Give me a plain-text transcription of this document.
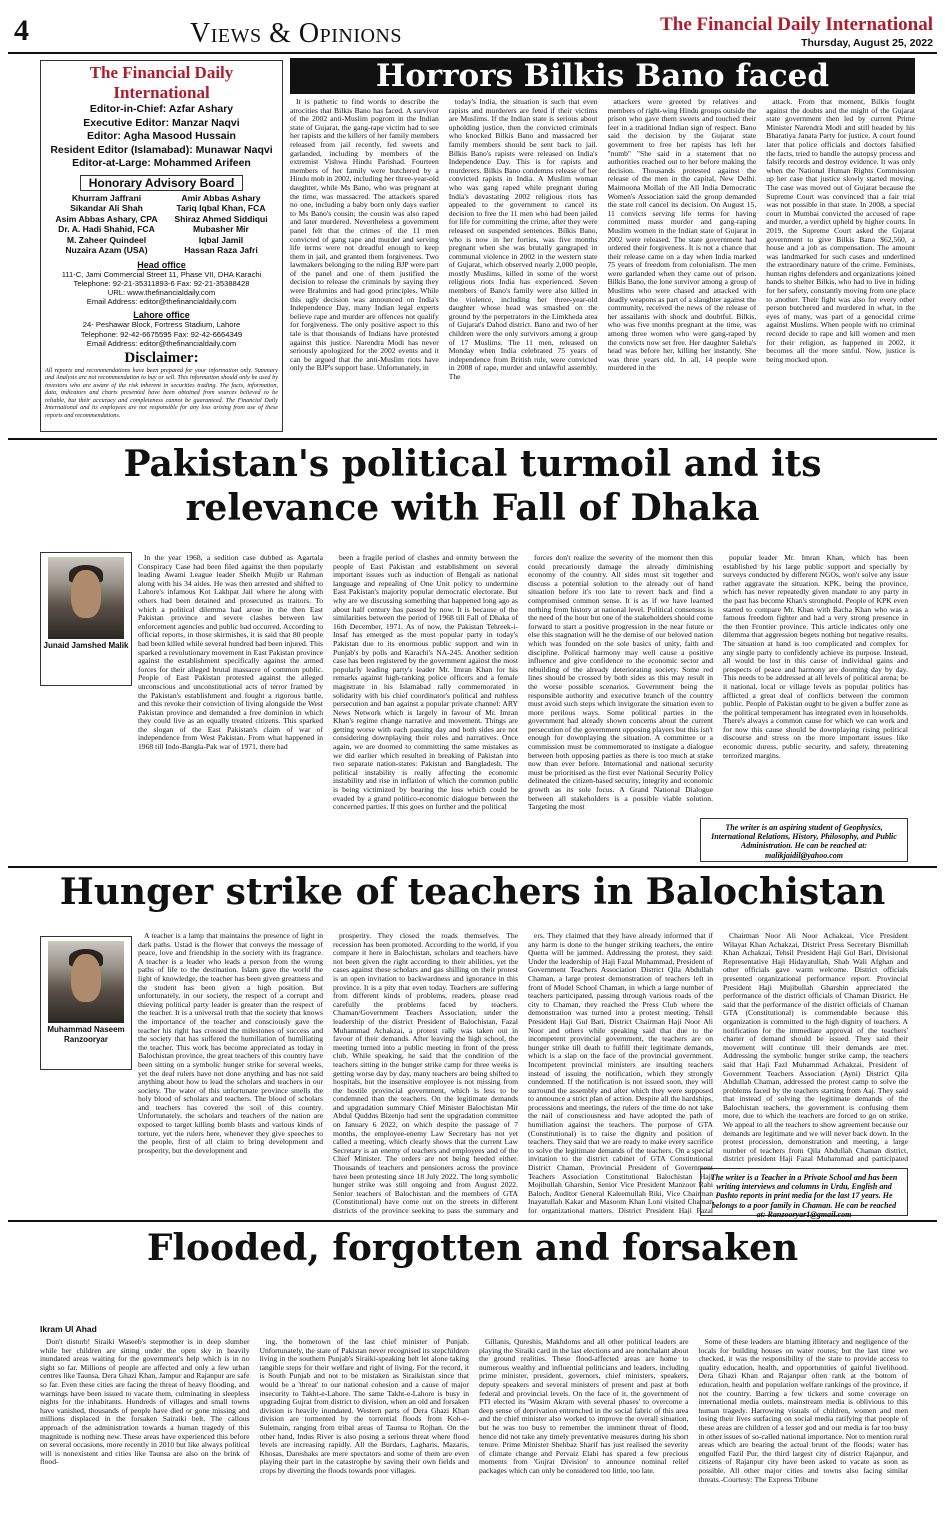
4	Views & Opinions	The Financial Daily International
Thursday, August 25, 2022
The Financial Daily International
Editor-in-Chief: Azfar Ashary
Executive Editor: Manzar Naqvi
Editor: Agha Masood Hussain
Resident Editor (Islamabad): Munawar Naqvi
Editor-at-Large: Mohammed Arifeen
Honorary Advisory Board
Khurram Jaffrani
Sikandar Ali Shah
Asim Abbas Ashary, CPA
Dr. A. Hadi Shahid, FCA
M. Zaheer Quindeel
Nuzaira Azam (USA)
Amir Abbas Ashary
Tariq Iqbal Khan, FCA
Shiraz Ahmed Siddiqui
Mubasher Mir
Iqbal Jamil
Hassan Raza Jafri
Head office
111-C, Jami Commercial Street 11, Phase VII, DHA Karachi
Telephone: 92-21-35311893-6 Fax: 92-21-35388428
URL: www.thefinancialdaily.com
Email Address: editor@thefinancialdaily.com
Lahore office
24- Peshawar Block, Fortress Stadium, Lahore
Telephone: 92-42-6675595 Fax: 92-42-6664349
Email Address: editor@thefinancialdaily.com
Disclaimer:
All reports and recommendations have been prepared for your information only. Summary and Analysis are not recommendation to buy or sell. This information should only be used by investors who are aware of the risk inherent in securities trading. The facts, information, data, indicators and charts presented have been obtained from sources believed to be reliable, but their accuracy and completeness cannot be guaranteed. The Financial Daily International and its employees are not responsible for any loss arising from use of these reports and recommendations.
Horrors Bilkis Bano faced

It is pathetic to find words to describe the atrocities that Bilkis Bano has faced. A survivor of the 2002 anti-Muslim pogrom in the Indian state of Gujarat, the gang-rape victim had to see her rapists and the killers of her family members released from jail recently, fed sweets and garlanded, including by members of the extremist Vishwa Hindu Parishad. Fourteen members of her family were butchered by a Hindu mob in 2002, including her three-year-old daughter, while Ms Bano, who was pregnant at the time, was massacred. The attackers spared no one, including a baby born only days earlier to Ms Bano's cousin; the cousin was also raped and later murdered. Nevertheless a government panel felt that the crimes of the 11 men convicted of gang rape and murder and serving life terms were not dreadful enough to keep them in jail, and granted them forgiveness. Two lawmakers belonging to the ruling BJP were part of the panel and one of them justified the decision to release the criminals by saying they were Brahmins and had good principles. While this ugly decision was announced on India's Independence Day, many Indian legal experts believe rape and murder are offences not qualify for forgiveness. The only positive aspect to this tale is that thousands of Indians have protested against this justice. Narendra Modi has never seriously apologized for the 2002 events and it can be argued that the anti-Muslim riots have only the BJP's support base. Unfortunately, in

today's India, the situation is such that even rapists and murderers are feted if their victims are Muslims. If the Indian state is serious about upholding justice, then the convicted criminals who knocked Bilkis Bano and massacred her family members should be sent back to jail. Bilkis Bano's rapists were released on India's Independence Day. This is for rapists and murderers. Bilkis Bano condemns release of her convicted rapists in India. A Muslim woman who was gang raped while pregnant during India's devastating 2002 religious riots has appealed to the government to cancel its decision to free the 11 men who had been jailed for life for committing the crime, after they were released on suspended sentences. Bilkis Bano, who is now in her forties, was five months pregnant when she was brutally gangraped in communal violence in 2002 in the western state of Gujarat, which observed nearly 2,000 people, mostly Muslims, killed in some of the worst religious riots India has experienced. Seven members of Bano's family were also killed in the violence, including her three-year-old daughter whose head was smashed on the ground by the perpetrators in the Limkheda area of Gujarat's Dahod district. Bano and two of her children were the only survivors among a group of 17 Muslims. The 11 men, released on Monday when India celebrated 75 years of independence from British rule, were convicted in 2008 of rape, murder and unlawful assembly. The

attackers were greeted by relatives and members of right-wing Hindu groups outside the prison who gave them sweets and touched their feet in a traditional Indian sign of respect. Bano said the decision by the Gujarat state government to free her rapists has left her "numb" "She said in a statement that no authorities reached out to her before making the decision. Thousands protested against the release of the men in the capital, New Delhi. Maimoona Mollah of the All India Democratic Women's Association said the group demanded the state roll cancel its decision. On August 15, 11 convicts serving life terms for having committed mass murder and gang-raping Muslim women in the Indian state of Gujarat in 2002 were released. The state government had ordered their forgiveness. It is not a chance that their release came on a day when India marked 75 years of freedom from colonialism. The men were garlanded when they came out of prison. Bilkis Bano, the lone survivor among a group of Muslims who were chased and attacked with deadly weapons as part of a slaughter against the community, received the news of the release of her assailants with shock and doubtful. Bilkis, who was five months pregnant at the time, was among three women who were gang-raped by the convicts now set free. Her daughter Saleha's head was before her, killing her instantly. She was three years old. In all, 14 people were murdered in the

attack. From that moment, Bilkis fought against the doubts and the might of the Gujarat state government then led by current Prime Minister Narendra Modi and still headed by his Bharatiya Janata Party for justice. A court found later that police officials and doctors falsified the facts, tried to handle the autopsy process and falsify records and destroy evidence. It was only when the National Human Rights Commission up her case that justice slowly started moving. The case was moved out of Gujarat because the Supreme Court was convinced that a fair trial was not possible in that state. In 2008, a special court in Mumbai convicted the accused of rape and murder, a verdict upheld by higher courts. In 2019, the Supreme Court asked the Gujarat government to give Bilkis Bano $62,560, a house and a job as compensation. The amount was landmarked for such cases and underlined the extraordinary nature of the crime. Feminists, human rights defenders and organizations joined hands to shelter Bilkis, who had to live in hiding for her safety, constantly moving from one place to another. Their fight was also for every other person butchered and murdered in what, in the eyes of many, was part of a genocidal crime against Muslims. When people with no criminal record decide to rape and kill women and men for their religion, as happened in 2002, it becomes all the more sinful. Now, justice is being mocked upon.

Pakistan's political turmoil and its relevance with Fall of Dhaka
Junaid Jamshed Malik

In the year 1968, a sedition case dubbed as Agartala Conspiracy Case had been filed against the then popularly leading Awami League leader Sheikh Mujib ur Rahman along with his 34 aides. He was then arrested and shifted to Lahore's infamous Kot Lakhpat Jail where he along with others had been detained and prosecuted as traitors. To which a political dilemma had arose in the then East Pakistan province and severe clashes between law enforcement agencies and public had occurred. According to official reports, in those skirmishes, it is said that 80 people had been killed while several hundred had been injured. This sparked a revolutionary movement in East Pakistan province against the establishment specifically against the armed forces for their alleged brutal massacre of common public. People of East Pakistan protested against the alleged unconscious and unconstitutional acts of terror framed by the Pakistan's establishment and fought a rigorous battle, and this revoke their conviction of living alongside the West Pakistan province and demanded a free dominion in which they could live as an equally treated citizens. This sparked the slogan of the East Pakistan's claim of war of independence from West Pakistan. From what happened in 1968 till Indo-Bangla-Pak war of 1971, there had

been a fragile period of clashes and enmity between the people of East Pakistan and establishment on several important issues such as induction of Bengali as national language and repealing of One Unit policy to undermine East Pakistan's majority popular democratic electorate. But why are we discussing something that happened long ago as about half century has passed by now. It is because of the similarities between the period of 1968 till Fall of Dhaka of 16th December, 1971. As of now, the Pakistan Tehreek-i-Insaf has emerged as the most popular party in today's Pakistan due to its enormous public support and win in Punjab's by polls and Karachi's NA-245. Another sedition case has been registered by the government against the most popularly leading party's leader Mr. Imran Khan for his remarks against high-ranking police officers and a female magistrate in his Islamabad rally commemorated in solidarity with his chief coordinator's political and ruthless persecution and ban against a popular private channel: ARY News Network which is largely in favour of Mr. Imran Khan's regime change narrative and movement. Things are getting worse with each passing day and both sides are not considering downplaying their roles and narratives. Once again, we are doomed to committing the same mistakes as we did earlier which resulted in breaking of Pakistan into two separate nation-states: Pakistan and Bangladesh. The political instability is really affecting the economic instability and rise in inflation of which the common public is being victimized by bearing the loss which could be evaded by a grand politico-economic dialogue between the concerned parties. If this goes on further and the political

forces don't realize the severity of the moment then this could precariously damage the already diminishing economy of the country. All sides must sit together and discuss a potential solution to the already out of hand situation before it's too late to revert back and find a compromised common sense. It is as if we have learned nothing from history at national level. Political consensus is the need of the hour but one of the stakeholders should come forward to start a positive progression in the near future or else this stagnation will be the demise of our beloved nation which was founded on the sole basics of unity, faith and discipline. Political harmony may well cause a positive influence and give confidence to the economic sector and rebuilding of the already deteriorating society. Some red lines should be crossed by both sides as this may result in the worse possible scenarios. Government being the responsible authority and executive branch of the country must avoid such steps which invigorate the situation even to more perilous ways. Some political parties in the government had already shown concerns about the current persecution of the government opposing players but this isn't enough for downplaying the situation. A committee or a commission must be commemorated to instigate a dialogue between both opposing parties as there is too much at stake now than ever before. International and national security must be prioritised as the first ever National Security Policy delineated the citizen-based security, integrity and economic growth as its sole focus. A Grand National Dialogue between all stakeholders is a possible viable solution. Targeting the most

popular leader Mr. Imran Khan, which has been established by his large public support and specially by surveys conducted by different NGOs, won't solve any issue rather aggravate the situation. KPK, being the province, which has never repeatedly given mandate to any party in the past has become Khan's stronghold. People of KPK even started to compare Mr. Khan with Bacha Khan who was a famous freedom fighter and had a very strong presence in the then Frontier province. This article indicates only one dilemma that aggression begets nothing but negative results. The situation at hand is too complicated and complex for any single party to confidently achieve its purpose. Instead, all would be lost in this cause of individual gains and prospects of peace and harmony are dooming day by day. This needs to be addressed at all levels of political arena; be it national, local or village levels as popular politics has afflicted a great deal of conflicts between the common public. People of Pakistan ought to be given a buffer zone as the political temperament has integrated even in households. There's always a common cause for which we can work and for now this cause should be downplaying rising political discourse and stress on the more important issues like economic duress, public security, and safety, threatening terrorized margins.

The writer is an aspiring student of Geophysics, International Relations, History, Philosophy, and Public Administration. He can be reached at: malikjaidil@yahoo.com
Hunger strike of teachers in Balochistan
Muhammad Naseem Ranzooryar

A teacher is a lamp that maintains the presence of light in dark paths. Ustad is the flower that conveys the message of peace, love and friendship in the society with its fragrance. A teacher is a leader who leads a person from the wrong paths of life to the destination. Islam gave the world the light of knowledge, the teacher has been given greatness and the student has been given a high position. But unfortunately, in our society, the respect of a corrupt and thieving political party leader is greater than the respect of the teacher. It is a universal truth that the society that knows the importance of the teacher and consciously gave the teacher his right has crossed the milestones of success and the society that has suffered the humiliation of humiliating the teacher. This work has become appreciated as today in Balochistan province, the great teachers of this country have been sitting on a symbolic hunger strike for several weeks, yet the deaf rulers have not done anything and has not said anything about how to lead the scholars and teachers in our society. The water of this unfortunate province smells the holy blood of scholars and teachers. The blood of scholars and teachers has covered the soil of this country. Unfortunately, the scholars and teachers of the nation are exposed to target killing bomb blasts and various kinds of torture, yet the rulers here, whenever they give speeches to the people, first of all claim to bring development and prosperity, but the development and

prosperity. They closed the roads themselves. The recession has been promoted. According to the world, if you compare it here in Balochistan, scholars and teachers have not been given the right according to their abilities, yet the cases against these scholars and gas shilling on their protest is an open invitation to backwardness and ignorance in this province. It is a pity that even today. Teachers are suffering from different kinds of problems, readers, please read carefully the problems faced by teachers. Chaman/Government Teachers Association, under the leadership of the district President of Balochistan, Fazal Muhammad Achakzai, a protest rally was taken out in favour of their demands. After leaving the high school, the meeting turned into a public meeting in front of the press club. While speaking, he said that the condition of the teachers sitting in the hunger strike camp for three weeks is getting worse day by day, many teachers are being shifted to hospitals, but the insensitive employee is not missing from the hostile provincial government, which is less to be condemned than the teachers. On the legitimate demands and upgradation summary Chief Minister Balochistan Mir Abdul Quddus Bizenjo had sent the upgradation committee on January 6 2022, on which despite the passage of 7 months, the employee-enemy Law Secretary has not yet called a meeting, which clearly shows that the current Law Secretary is an enemy of teachers and employees and of the Chief Minister. The orders are not being heeded either. Thousands of teachers and pensioners across the province have been protesting since 18 July 2022. The long symbolic hunger strike was still ongoing and from August 2022. Senior teachers of Balochistan and the members of GTA (Constitutional) have come out on the streets in different districts of the province seeking to pass the summary and

ers. They claimed that they have already informed that if any harm is done to the hunger striking teachers, the entire Quetta will be jammed. Addressing the protest, they said: Under the leadership of Haji Fazal Muhammad, President of Government Teachers Association District Qila Abdullah Chaman, a large protest demonstration of teachers left in front of Model School Chaman, in which a large number of teachers participated, passing through various roads of the city to Chaman, they reached the Press Club where the demonstration was turned into a protest meeting. Tehsil President Haji Gul Bari, District Chairman Haji Noor Ali Noor and others while speaking said that due to the incompetent provincial government, the teachers are on hunger strike till death to fulfill their legitimate demands, which is a slap on the face of the provincial government. Incompetent provincial ministers are insulting teachers instead of issuing the notification, which they strongly condemned. If the notification is not issued soon, they will surround the assembly and after which they were supposed to announce a strict plan of action. Despite all the hardships, processions and meetings, the rulers of the time do not take the nail of consciousness and have adopted the path of humiliation against the teachers. The purpose of GTA (Constitutional) is to raise the dignity and position of teachers. They said that we are ready to make every sacrifice to solve the legitimate demands of the teachers. On a special invitation to the district cabinet of GTA Constitutional District Chaman, Provincial President of Government Teachers Association Constitutional Balochistan Haji Mojibullah Gharshin, Senior Vice President Manzoor Rahi Baloch, Auditor General Kaleemullah Riki, Vice Chairman Inayatullah Kakar and Masoom Khan Loni visited Chaman for organizational matters. District President Haji Fazal

Chairman Noor Ali Noor Achakzai, Vice President Wilayat Khan Achakzai, District Press Secretary Bismillah Khan Achakzai, Tehsil President Haji Gul Bari, Divisional Representative Haji Hidayatullah, Shah Wali Afghan and other officials gave warm welcome. District officials presented organizational performance report. Provincial President Haji Mujibullah Gharshin appreciated the performance of the district officials of Chaman District. He said that the performance of the district officials of Chaman GTA (Constitutional) is commendable because this organization is committed to the high dignity of teachers. A notification for the immediate approval of the teachers' charter of demand should be issued. They said their movement will continue till their demands are met. Addressing the symbolic hunger strike camp, the teachers said that Haji Fazl Muhammad Achakzai, President of Government Teachers Association (Ayni) District Qila Abdullah Chaman, addressed the protest camp to solve the problems faced by the teachers starting from Aaj. They said that instead of solving the legitimate demands of the Balochistan teachers, the government is confusing them more, due to which the teachers are forced to go on strike. We appeal to all the teachers to show agreement because our demands are legitimate and we will never back down. In the protest procession, demonstration and meeting, a large number of teachers from Qila Abdullah Chaman district, district president Haji Fazal Muhammad and participated

The writer is a Teacher in a Private School and has been writing interviews and columns in Urdu, English and Pashto reports in print media for the last 17 years. He belongs to a poor family in Chaman. He can be reached at: Ranzooryar1@gmail.com
Flooded, forgotten and forsaken
Ikram Ul Ahad

Don't disturb! Siraiki Waseeb's stepmother is in deep slumber while her children are sitting under the open sky in heavily inundated areas waiting for the government's help which is in no sight so far. Millions of people are affected and only a few urban centres like Taunsa, Dera Ghazi Khan, Jampur and Rajanpur are safe so far. Even these cities are facing the threat of heavy flooding, and warnings have been issued to vacate them, culminating in sleepless nights for the inhabitants. Hundreds of villages and small towns have vanished, thousands of people have died or gone missing and millions displaced in the forsaken Sairaiki belt. The callous approach of the administration towards a human tragedy of this magnitude is nothing new. These areas have experienced this before on several occasions, more recently in 2010 but like always political will is nonexistent and cities like Taunsa are also on the brink of flood-

ing, the hometown of the last chief minister of Punjab. Unfortunately, the state of Pakistan never recognised its stepchildren living in the southern Punjab's Siraiki-speaking belt let alone taking tangible steps for their welfare and right of living. For the record, it is South Punjab and not to be mistaken as Siraikistan since that would be a 'threat' to our national cohesion and a cause of major insecurity to Takht-e-Lahore. The same Takht-e-Lahore is busy in upgrading Gujrat from district to division, when an old and forsaken division is heavily inundated. Western parts of Dera Ghazi Khan division are tormented by the torrential floods from Koh-e-Sulemain, ranging from tribal areas of Taunsa to Rojhan. On the other hand, Indus River is also posing a serious threat where flood levels are increasing rapidly. All the Burdars, Lagharis, Mazaris, Khosas, Dareshaks are mere spectators and some of them are even playing their part in the catastrophe by saving their own fields and crops by diverting the floods towards poor villages.

Gillanis, Qureshis, Makhdoms and all other political leaders are playing the Siraiki card in the last elections and are nonchalant about the ground realities. These flood-affected areas are home to numerous wealthy and influential politicians and leaders, including prime minister, president, governors, chief ministers, speakers, deputy speakers and several ministers of present and past at both federal and provincial levels. On the face of it, the government of PTI elected its 'Wasim Akram with several phases' to overcome a deep sense of deprivation entrenched in the social fabric of this area and the chief minister also worked to improve the overall situation, but he was too busy to remember the imminent threat of flood, hence did not take any timely preventative measures during his short tenure. Prime Minister Shehbaz Sharif has just realised the severity of climate change and Pervaiz Elahi has spared a few precious moments from 'Gujrat Division' to announce nominal relief packages which can only be considered too little, too late.

Some of these leaders are blaming illiteracy and negligence of the locals for building houses on water routes; but the last time we checked, it was the responsibility of the state to provide access to quality education, health, and opportunities of gainful livelihood. Dera Ghazi Khan and Rajanpur often rank at the bottom of education, health and population welfare rankings of the province, if not the country. Barring a few tickers and some coverage on international media outlets, mainstream media is oblivious to this human tragedy. Harrowing visuals of children, women and men losing their lives surfacing on social media ratifying that people of these areas are children of a lesser god and our media is far too busy in other issues of so-called national importance. Not to mention rural areas which are bearing the actual brunt of the floods; water has engulfed Fazil Pur, the third largest city of district Rajanpur, and citizens of Rajanpur city have been asked to vacate as soon as possible. All other major cities and towns also facing similar threats.-Courtesy: The Express Tribune
